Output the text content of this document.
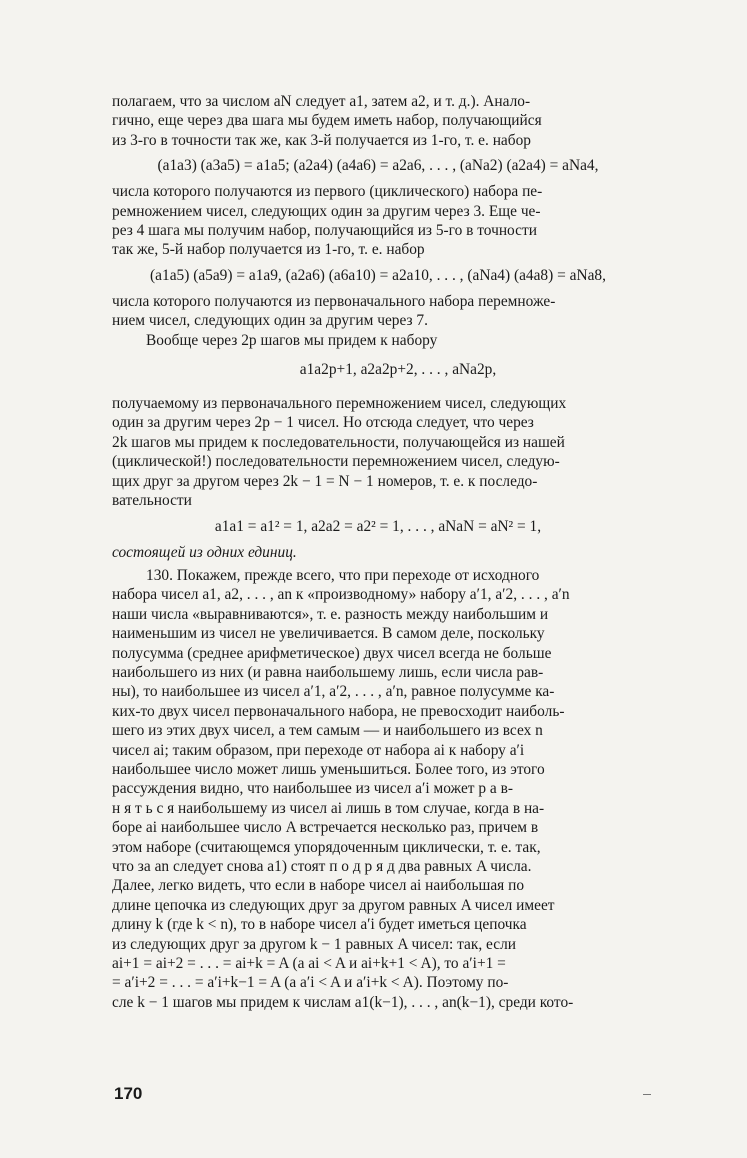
полагаем, что за числом aN следует a1, затем a2, и т. д.). Анало-

гично, еще через два шага мы будем иметь набор, получающийся

из 3-го в точности так же, как 3-й получается из 1-го, т. е. набор

(a1a3) (a3a5) = a1a5; (a2a4) (a4a6) = a2a6, . . . , (aNa2) (a2a4) = aNa4,

числа которого получаются из первого (циклического) набора пе-

ремножением чисел, следующих один за другим через 3. Еще че-

рез 4 шага мы получим набор, получающийся из 5-го в точности

так же, 5-й набор получается из 1-го, т. е. набор

(a1a5) (a5a9) = a1a9, (a2a6) (a6a10) = a2a10, . . . , (aNa4) (a4a8) = aNa8,

числа которого получаются из первоначального набора перемноже-

нием чисел, следующих один за другим через 7.

Вообще через 2p шагов мы придем к набору

a1a2p+1, a2a2p+2, . . . , aNa2p,

получаемому из первоначального перемножением чисел, следующих

один за другим через 2p − 1 чисел. Но отсюда следует, что через

2k шагов мы придем к последовательности, получающейся из нашей

(циклической!) последовательности перемножением чисел, следую-

щих друг за другом через 2k − 1 = N − 1 номеров, т. е. к последо-

вательности

a1a1 = a1² = 1, a2a2 = a2² = 1, . . . , aNaN = aN² = 1,

состоящей из одних единиц.

130. Покажем, прежде всего, что при переходе от исходного

набора чисел a1, a2, . . . , an к «производному» набору a′1, a′2, . . . , a′n

наши числа «выравниваются», т. е. разность между наибольшим и

наименьшим из чисел не увеличивается. В самом деле, поскольку

полусумма (среднее арифметическое) двух чисел всегда не больше

наибольшего из них (и равна наибольшему лишь, если числа рав-

ны), то наибольшее из чисел a′1, a′2, . . . , a′n, равное полусумме ка-

ких-то двух чисел первоначального набора, не превосходит наиболь-

шего из этих двух чисел, а тем самым — и наибольшего из всех n

чисел ai; таким образом, при переходе от набора ai к набору a′i

наибольшее число может лишь уменьшиться. Более того, из этого

рассуждения видно, что наибольшее из чисел a′i может р а в-

н я т ь с я наибольшему из чисел ai лишь в том случае, когда в на-

боре ai наибольшее число A встречается несколько раз, причем в

этом наборе (считающемся упорядоченным циклически, т. е. так,

что за an следует снова a1) стоят п о д р я д два равных A числа.

Далее, легко видеть, что если в наборе чисел ai наибольшая по

длине цепочка из следующих друг за другом равных A чисел имеет

длину k (где k < n), то в наборе чисел a′i будет иметься цепочка

из следующих друг за другом k − 1 равных A чисел: так, если

ai+1 = ai+2 = . . . = ai+k = A (а ai < A и ai+k+1 < A), то a′i+1 =

= a′i+2 = . . . = a′i+k−1 = A (а a′i < A и a′i+k < A). Поэтому по-

сле k − 1 шагов мы придем к числам a1(k−1), . . . , an(k−1), среди кото-

170
